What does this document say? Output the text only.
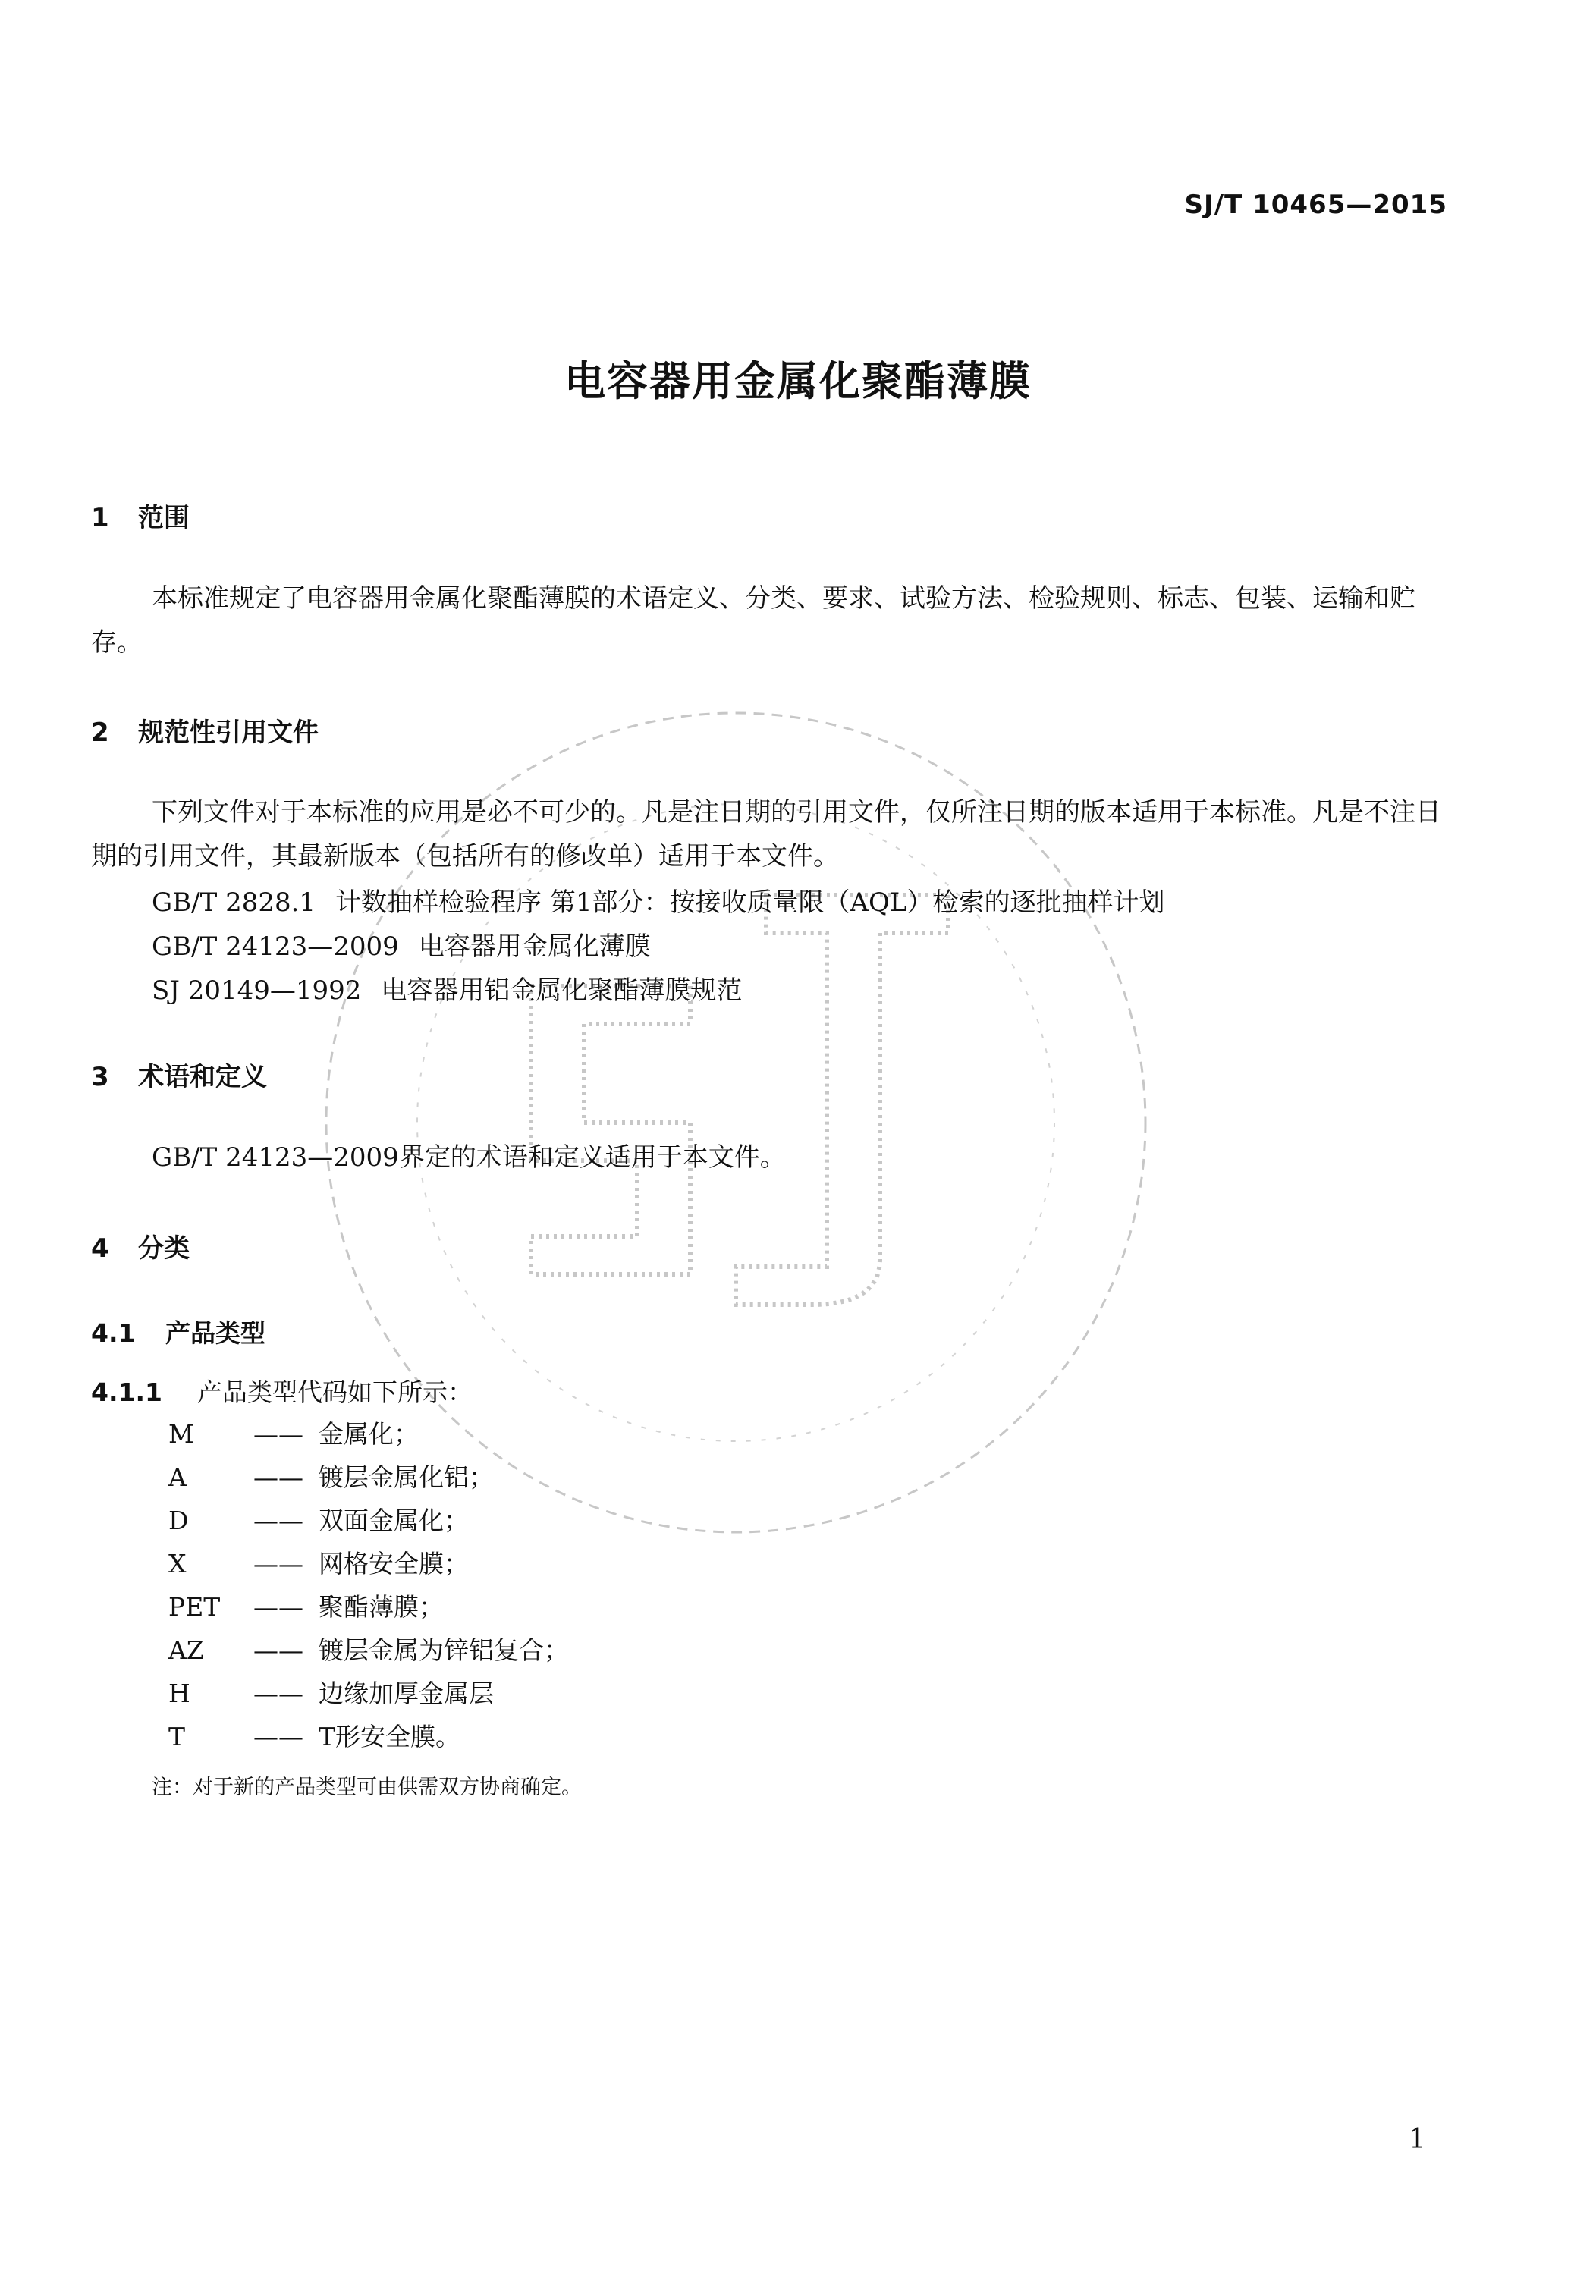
SJ/T 10465—2015
电容器用金属化聚酯薄膜
1 范围
本标准规定了电容器用金属化聚酯薄膜的术语定义、分类、要求、试验方法、检验规则、标志、包装、运输和贮存。
2 规范性引用文件
下列文件对于本标准的应用是必不可少的。凡是注日期的引用文件，仅所注日期的版本适用于本标准。凡是不注日期的引用文件，其最新版本（包括所有的修改单）适用于本文件。
GB/T 2828.1 计数抽样检验程序 第1部分：按接收质量限（AQL）检索的逐批抽样计划
GB/T 24123—2009 电容器用金属化薄膜
SJ 20149—1992 电容器用铝金属化聚酯薄膜规范
3 术语和定义
GB/T 24123—2009界定的术语和定义适用于本文件。
4 分类
4.1 产品类型
4.1.1 产品类型代码如下所示：
M	—— 金属化；
A	—— 镀层金属化铝；
D	—— 双面金属化；
X	—— 网格安全膜；
PET	—— 聚酯薄膜；
AZ	—— 镀层金属为锌铝复合；
H	—— 边缘加厚金属层
T	—— T形安全膜。
注：对于新的产品类型可由供需双方协商确定。
1
